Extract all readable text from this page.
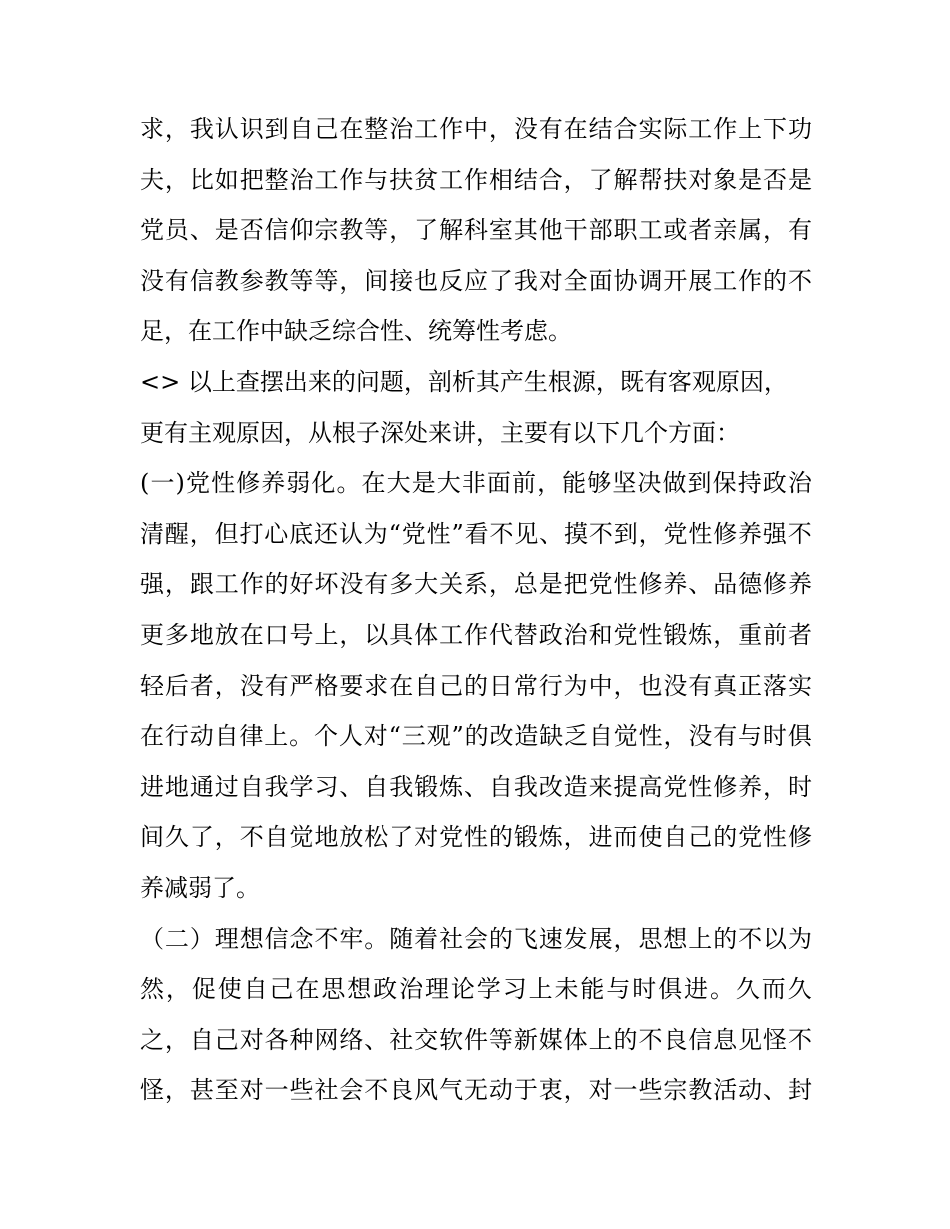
求 ， 我 认 识 到 自 己 在 整 治 工 作 中 ， 没 有 在 结 合 实 际 工 作 上 下 功
夫 ， 比 如 把 整 治 工 作 与 扶 贫 工 作 相 结 合 ， 了 解 帮 扶 对 象 是 否 是
党 员 、 是 否 信 仰 宗 教 等 ， 了 解 科 室 其 他 干 部 职 工 或 者 亲 属 ， 有
没 有 信 教 参 教 等 等 ， 间 接 也 反 应 了 我 对 全 面 协 调 开 展 工 作 的 不
足，在工作中缺乏综合性、统筹性考虑。
<> 以上查摆出来的问题，剖析其产生根源，既有客观原因，
更有主观原因，从根子深处来讲，主要有以下几个方面：
( 一 ) 党 性 修 养 弱 化 。 在 大 是 大 非 面 前 ， 能 够 坚 决 做 到 保 持 政 治
清 醒 ， 但 打 心 底 还 认 为 “ 党 性 ” 看 不 见 、 摸 不 到 ， 党 性 修 养 强 不
强 ， 跟 工 作 的 好 坏 没 有 多 大 关 系 ， 总 是 把 党 性 修 养 、 品 德 修 养
更 多 地 放 在 口 号 上 ， 以 具 体 工 作 代 替 政 治 和 党 性 锻 炼 ， 重 前 者
轻 后 者 ， 没 有 严 格 要 求 在 自 己 的 日 常 行 为 中 ， 也 没 有 真 正 落 实
在 行 动 自 律 上 。 个 人 对 “ 三 观 ” 的 改 造 缺 乏 自 觉 性 ， 没 有 与 时 俱
进 地 通 过 自 我 学 习 、 自 我 锻 炼 、 自 我 改 造 来 提 高 党 性 修 养 ， 时
间 久 了 ， 不 自 觉 地 放 松 了 对 党 性 的 锻 炼 ， 进 而 使 自 己 的 党 性 修
养减弱了。
（ 二 ） 理 想 信 念 不 牢 。 随 着 社 会 的 飞 速 发 展 ， 思 想 上 的 不 以 为
然 ， 促 使 自 己 在 思 想 政 治 理 论 学 习 上 未 能 与 时 俱 进 。 久 而 久
之 ， 自 己 对 各 种 网 络 、 社 交 软 件 等 新 媒 体 上 的 不 良 信 息 见 怪 不
怪 ， 甚 至 对 一 些 社 会 不 良 风 气 无 动 于 衷 ， 对 一 些 宗 教 活 动 、 封
